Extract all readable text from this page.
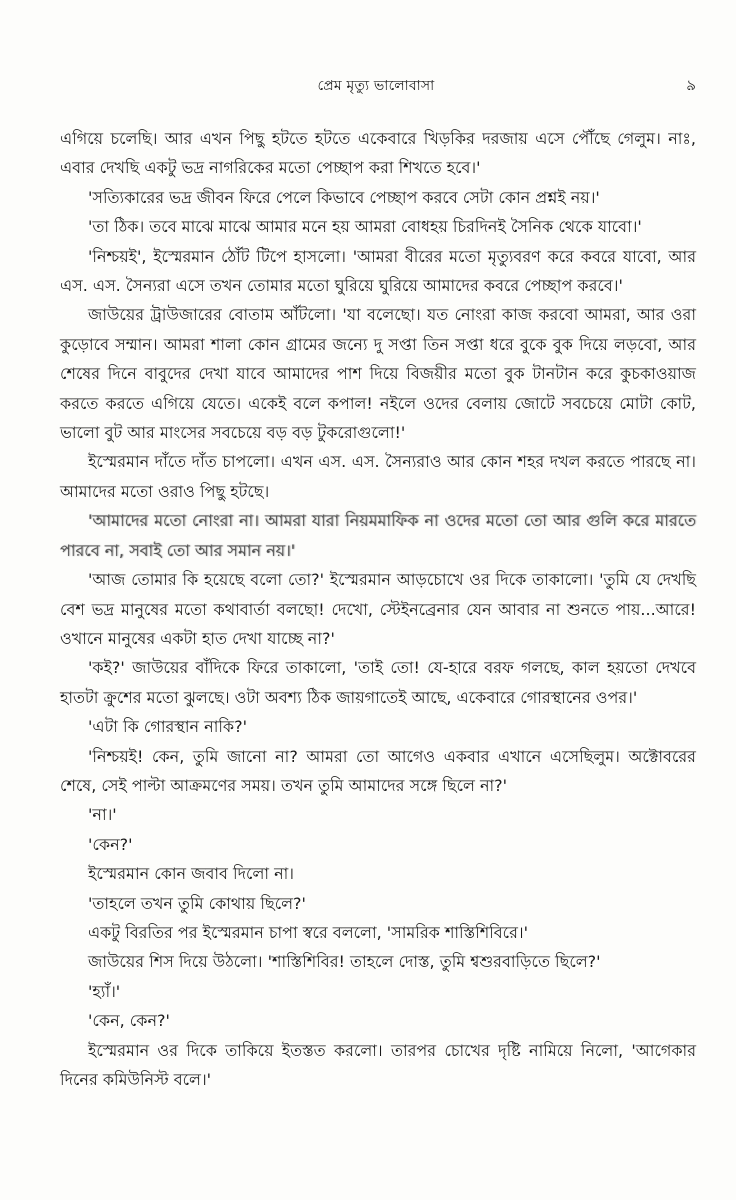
প্রেম মৃত্যু ভালোবাসা	৯

এগিয়ে চলেছি। আর এখন পিছু হটতে হটতে একেবারে খিড়কির দরজায় এসে পৌঁছে গেলুম। নাঃ, এবার দেখছি একটু ভদ্র নাগরিকের মতো পেচ্ছাপ করা শিখতে হবে।'

'সত্যিকারের ভদ্র জীবন ফিরে পেলে কিভাবে পেচ্ছাপ করবে সেটা কোন প্রশ্নই নয়।'

'তা ঠিক। তবে মাঝে মাঝে আমার মনে হয় আমরা বোধহয় চিরদিনই সৈনিক থেকে যাবো।'

'নিশ্চয়ই', ইস্মেরমান ঠোঁট টিপে হাসলো। 'আমরা বীরের মতো মৃত্যুবরণ করে কবরে যাবো, আর এস. এস. সৈন্যরা এসে তখন তোমার মতো ঘুরিয়ে ঘুরিয়ে আমাদের কবরে পেচ্ছাপ করবে।'

জাউয়ের ট্রাউজারের বোতাম আঁটলো। 'যা বলেছো। যত নোংরা কাজ করবো আমরা, আর ওরা কুড়োবে সম্মান। আমরা শালা কোন গ্রামের জন্যে দু সপ্তা তিন সপ্তা ধরে বুকে বুক দিয়ে লড়বো, আর শেষের দিনে বাবুদের দেখা যাবে আমাদের পাশ দিয়ে বিজয়ীর মতো বুক টানটান করে কুচকাওয়াজ করতে করতে এগিয়ে যেতে। একেই বলে কপাল! নইলে ওদের বেলায় জোটে সবচেয়ে মোটা কোট, ভালো বুট আর মাংসের সবচেয়ে বড় বড় টুকরোগুলো!'

ইস্মেরমান দাঁতে দাঁত চাপলো। এখন এস. এস. সৈন্যরাও আর কোন শহর দখল করতে পারছে না। আমাদের মতো ওরাও পিছু হটছে।

'আমাদের মতো নোংরা না। আমরা যারা নিয়মমাফিক না ওদের মতো তো আর গুলি করে মারতে পারবে না, সবাই তো আর সমান নয়।'

'আজ তোমার কি হয়েছে বলো তো?' ইস্মেরমান আড়চোখে ওর দিকে তাকালো। 'তুমি যে দেখছি বেশ ভদ্র মানুষের মতো কথাবার্তা বলছো! দেখো, স্টেইনব্রেনার যেন আবার না শুনতে পায়...আরে! ওখানে মানুষের একটা হাত দেখা যাচ্ছে না?'

'কই?' জাউয়ের বাঁদিকে ফিরে তাকালো, 'তাই তো! যে-হারে বরফ গলছে, কাল হয়তো দেখবে হাতটা ক্রুশের মতো ঝুলছে। ওটা অবশ্য ঠিক জায়গাতেই আছে, একেবারে গোরস্থানের ওপর।'

'এটা কি গোরস্থান নাকি?'

'নিশ্চয়ই! কেন, তুমি জানো না? আমরা তো আগেও একবার এখানে এসেছিলুম। অক্টোবরের শেষে, সেই পাল্টা আক্রমণের সময়। তখন তুমি আমাদের সঙ্গে ছিলে না?'

'না।'

'কেন?'

ইস্মেরমান কোন জবাব দিলো না।

'তাহলে তখন তুমি কোথায় ছিলে?'

একটু বিরতির পর ইস্মেরমান চাপা স্বরে বললো, 'সামরিক শাস্তিশিবিরে।'

জাউয়ের শিস দিয়ে উঠলো। 'শাস্তিশিবির! তাহলে দোস্ত, তুমি শ্বশুরবাড়িতে ছিলে?'

'হ্যাঁ।'

'কেন, কেন?'

ইস্মেরমান ওর দিকে তাকিয়ে ইতস্তত করলো। তারপর চোখের দৃষ্টি নামিয়ে নিলো, 'আগেকার দিনের কমিউনিস্ট বলে।'
